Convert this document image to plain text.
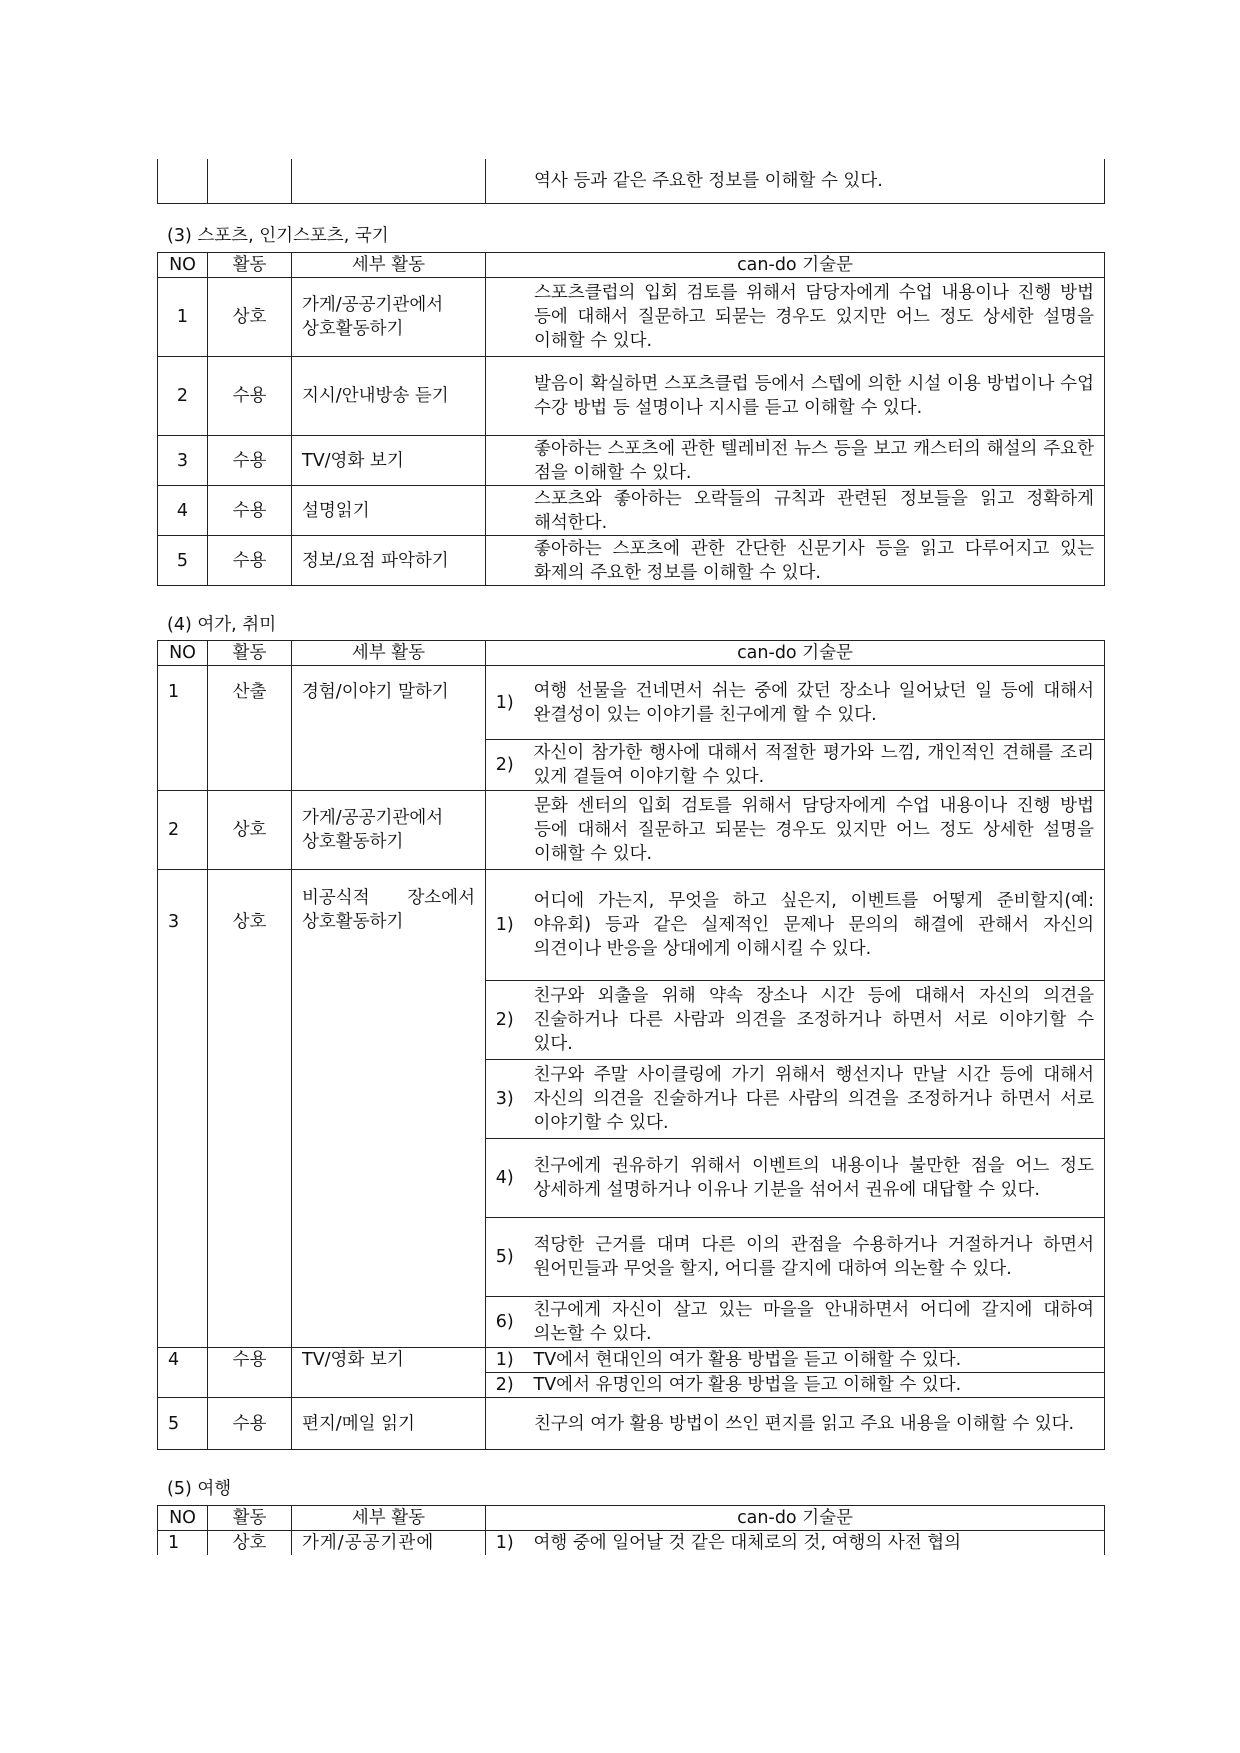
			역사 등과 같은 주요한 정보를 이해할 수 있다.
(3) 스포츠, 인기스포츠, 국기
NO	활동	세부 활동	can-do 기술문
1	상호	가게/공공기관에서 상호활동하기	스포츠클럽의 입회 검토를 위해서 담당자에게 수업 내용이나 진행 방법 등에 대해서 질문하고 되묻는 경우도 있지만 어느 정도 상세한 설명을 이해할 수 있다.
2	수용	지시/안내방송 듣기	발음이 확실하면 스포츠클럽 등에서 스텝에 의한 시설 이용 방법이나 수업 수강 방법 등 설명이나 지시를 듣고 이해할 수 있다.
3	수용	TV/영화 보기	좋아하는 스포츠에 관한 텔레비전 뉴스 등을 보고 캐스터의 해설의 주요한 점을 이해할 수 있다.
4	수용	설명읽기	스포츠와 좋아하는 오락들의 규칙과 관련된 정보들을 읽고 정확하게 해석한다.
5	수용	정보/요점 파악하기	좋아하는 스포츠에 관한 간단한 신문기사 등을 읽고 다루어지고 있는 화제의 주요한 정보를 이해할 수 있다.
(4) 여가, 취미
NO	활동	세부 활동	can-do 기술문	
1	산출	경험/이야기 말하기	1)	여행 선물을 건네면서 쉬는 중에 갔던 장소나 일어났던 일 등에 대해서 완결성이 있는 이야기를 친구에게 할 수 있다.
			2)	자신이 참가한 행사에 대해서 적절한 평가와 느낌, 개인적인 견해를 조리 있게 곁들여 이야기할 수 있다.
2	상호	가게/공공기관에서 상호활동하기	문화 센터의 입회 검토를 위해서 담당자에게 수업 내용이나 진행 방법 등에 대해서 질문하고 되묻는 경우도 있지만 어느 정도 상세한 설명을 이해할 수 있다.	
3	상호	비공식적 장소에서 상호활동하기	1)	어디에 가는지, 무엇을 하고 싶은지, 이벤트를 어떻게 준비할지(예: 야유회) 등과 같은 실제적인 문제나 문의의 해결에 관해서 자신의 의견이나 반응을 상대에게 이해시킬 수 있다.
			2)	친구와 외출을 위해 약속 장소나 시간 등에 대해서 자신의 의견을 진술하거나 다른 사람과 의견을 조정하거나 하면서 서로 이야기할 수 있다.
			3)	친구와 주말 사이클링에 가기 위해서 행선지나 만날 시간 등에 대해서 자신의 의견을 진술하거나 다른 사람의 의견을 조정하거나 하면서 서로 이야기할 수 있다.
			4)	친구에게 권유하기 위해서 이벤트의 내용이나 불만한 점을 어느 정도 상세하게 설명하거나 이유나 기분을 섞어서 권유에 대답할 수 있다.
			5)	적당한 근거를 대며 다른 이의 관점을 수용하거나 거절하거나 하면서 원어민들과 무엇을 할지, 어디를 갈지에 대하여 의논할 수 있다.
			6)	친구에게 자신이 살고 있는 마을을 안내하면서 어디에 갈지에 대하여 의논할 수 있다.
4	수용	TV/영화 보기	1)	TV에서 현대인의 여가 활용 방법을 듣고 이해할 수 있다.
			2)	TV에서 유명인의 여가 활용 방법을 듣고 이해할 수 있다.
5	수용	편지/메일 읽기	친구의 여가 활용 방법이 쓰인 편지를 읽고 주요 내용을 이해할 수 있다.	
(5) 여행
NO	활동	세부 활동	can-do 기술문	
1	상호	가게/공공기관에	1)	여행 중에 일어날 것 같은 대체로의 것, 여행의 사전 협의
